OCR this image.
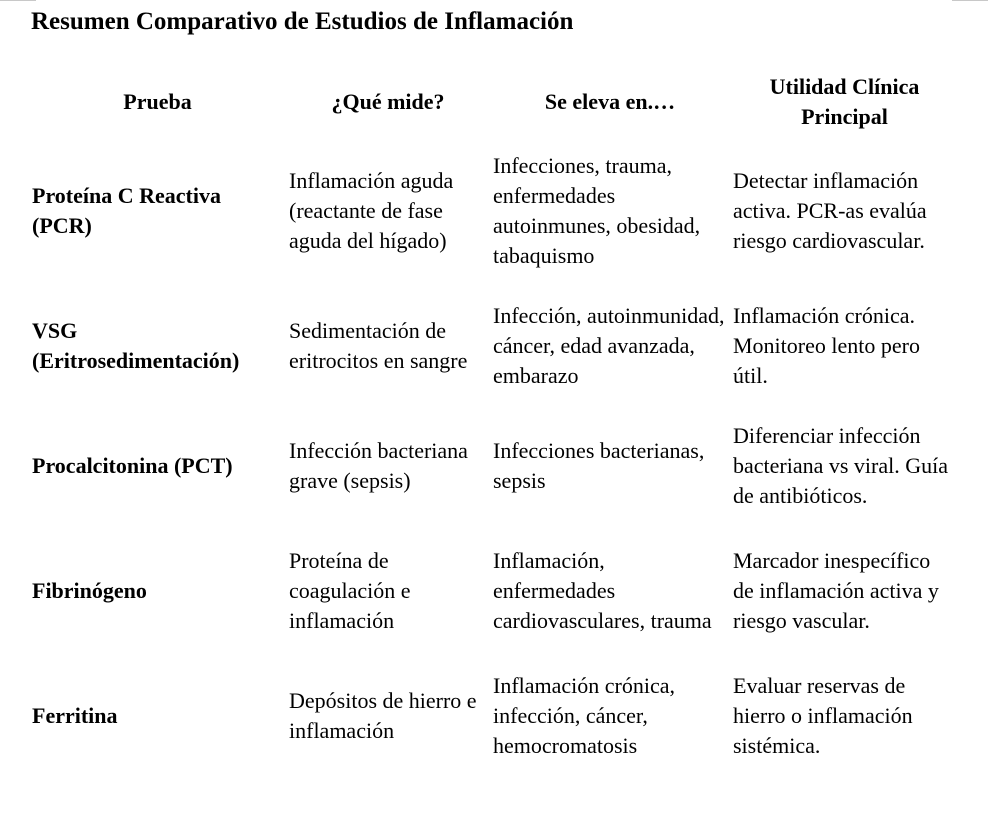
Resumen Comparativo de Estudios de Inflamación
Prueba	¿Qué mide?	Se eleva en.…	Utilidad Clínica Principal
Proteína C Reactiva (PCR)	Inflamación aguda (reactante de fase aguda del hígado)	Infecciones, trauma, enfermedades autoinmunes, obesidad, tabaquismo	Detectar inflamación activa. PCR-as evalúa riesgo cardiovascular.
VSG (Eritrosedimentación)	Sedimentación de eritrocitos en sangre	Infección, autoinmunidad, cáncer, edad avanzada, embarazo	Inflamación crónica. Monitoreo lento pero útil.
Procalcitonina (PCT)	Infección bacteriana grave (sepsis)	Infecciones bacterianas, sepsis	Diferenciar infección bacteriana vs viral. Guía de antibióticos.
Fibrinógeno	Proteína de coagulación e inflamación	Inflamación, enfermedades cardiovasculares, trauma	Marcador inespecífico de inflamación activa y riesgo vascular.
Ferritina	Depósitos de hierro e inflamación	Inflamación crónica, infección, cáncer, hemocromatosis	Evaluar reservas de hierro o inflamación sistémica.
